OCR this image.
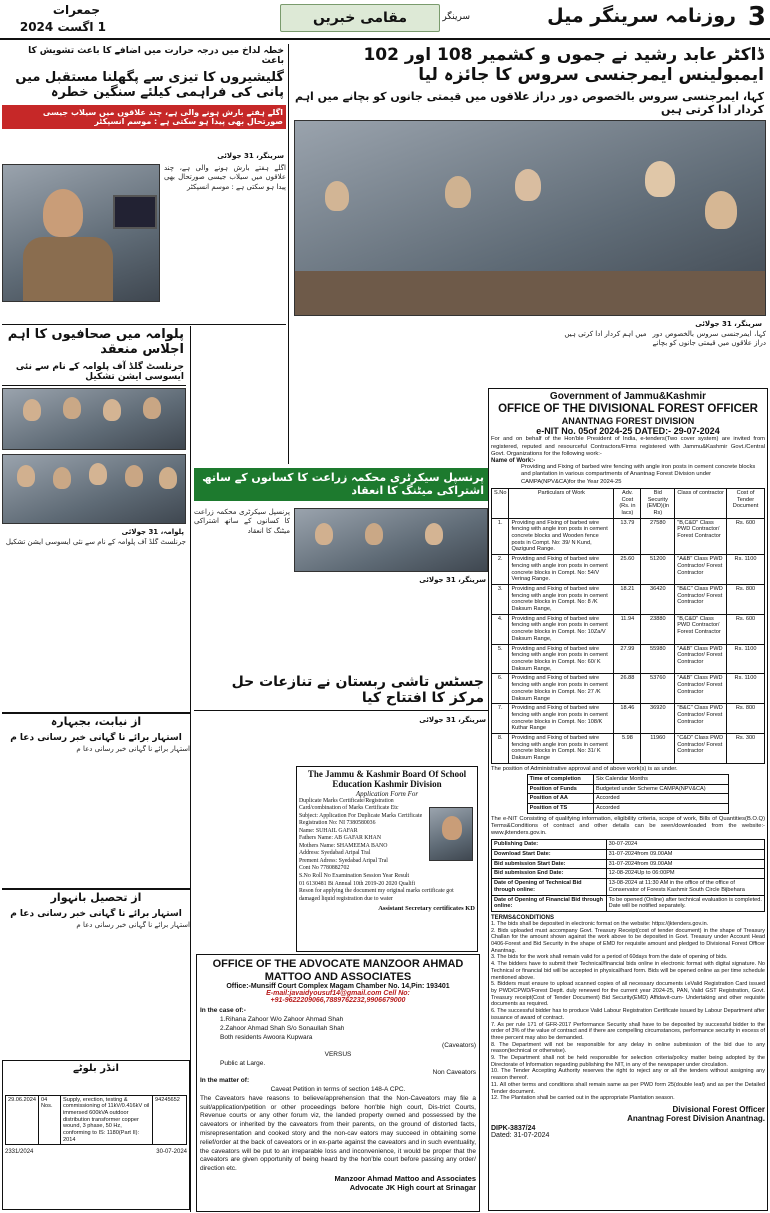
3
روزنامہ سرینگر میل
سرینگر
مقامی خبریں
جمعرات
1 اگست 2024
ڈاکٹر عابد رشید نے جموں و کشمیر 108 اور 102 ایمبولینس ایمرجنسی سروس کا جائزہ لیا
کہا، ایمرجنسی سروس بالخصوص دور دراز علاقوں میں قیمتی جانوں کو بچانے میں اہم کردار ادا کرتی ہیں
سرینگر، 31 جولائی
کہا، ایمرجنسی سروس بالخصوص دور دراز علاقوں میں قیمتی جانوں کو بچانے میں اہم کردار ادا کرتی ہیں
خطہ لداخ میں درجہ حرارت میں اضافے کا باعث تشویش کا باعث
گلیشیروں کا تیزی سے پگھلنا مستقبل میں پانی کی فراہمی کیلئے سنگین خطرہ
اگلے ہفتے بارش ہونے والی ہے، چند علاقوں میں سیلاب جیسی صورتحال بھی پیدا ہو سکتی ہے : موسم انسپکٹر
سرینگر، 31 جولائی
اگلے ہفتے بارش ہونے والی ہے، چند علاقوں میں سیلاب جیسی صورتحال بھی پیدا ہو سکتی ہے : موسم انسپکٹر
پلوامہ میں صحافیوں کا اہم اجلاس منعقد
جرنلسٹ گلڈ آف پلوامہ کے نام سے نئی ایسوسی ایشن تشکیل
پلوامہ، 31 جولائی
جرنلسٹ گلڈ آف پلوامہ کے نام سے نئی ایسوسی ایشن تشکیل
پرنسپل سیکرٹری محکمہ زراعت کا کسانوں کے ساتھ اشتراکی میٹنگ کا انعقاد
سرینگر، 31 جولائی
پرنسپل سیکرٹری محکمہ زراعت کا کسانوں کے ساتھ اشتراکی میٹنگ کا انعقاد
جسٹس تاشی ربستان نے تنازعات حل مرکز کا افتتاح کیا
سرینگر، 31 جولائی
The Jammu & Kashmir Board Of School Education Kashmir Division
Application Form For
Duplicate Marks Certificate/Registration Card/combination of Marks Certificate Etc
Subject: Application For Duplicate Marks Certificate
Registration No: NI 7380580036
Name: SUHAIL GAFAR
Fathers Name: AB GAFAR KHAN
Mothers Name: SHAMEEMA BANO
Address: Syedabad Aripal Tral
Prement Adress: Syedabad Aripal Tral
Cont No 7780882702
S.No Roll No Examination Session Year Result
01 6130481 Bi Annual 10th 2019-20 2020 Qualifi
Reson for applying the document my original marks certificate got damaged liquid registration due to water
Assistant Secretary certificates KD
OFFICE OF THE ADVOCATE MANZOOR AHMAD MATTOO AND ASSOCIATES
Office:-Munsiff Court Complex Magam Chamber No. 14,Pin: 193401
E-mail:javaidyousuf14@gmail.com Cell No:
+91-9622209066,7889762232,9906679000
In the case of:-
1.Rihana Zahoor W/o Zahoor Ahmad Shah
2.Zahoor Ahmad Shah S/o Sonaullah Shah
Both residents Awoora Kupwara
(Caveators)
VERSUS
Public at Large.
Non Caveators
In the matter of:
Caveat Petition in terms of section 148-A CPC.
The Caveators have reasons to believe/apprehension that the Non-Caveators may file a suit/application/petition or other proceedings before hon'ble high court, Dis-trict Courts, Revenue courts or any other forum viz, the landed property owned and possessed by the caveators or inherited by the caveators from their parents, on the ground of distorted facts, misrepresentation and cooked story and the non-cav eators may succeed in obtaining some relief/order at the back of caveators or in ex-parte against the caveators and in such eventuality, the caveators will be put to an irreparable loss and inconvenience, it would be proper that the caveators are given opportunity of being heard by the hon'ble court before passing any order/ direction etc.
Manzoor Ahmad Mattoo and Associates
Advocate JK High court at Srinagar
از نیابت، بجبہارہ
استہار برائے نا گہانی خبر رسانی دعا م
استہار برائے نا گہانی خبر رسانی دعا م
از تحصیل بانہوار
استہار برائے نا گہانی خبر رسانی دعا م
استہار برائے نا گہانی خبر رسانی دعا م
انڈر بلوٹے
29.06.2024	04 Nos.	Supply, erection, testing & commissioning of 11kV/0.416kV oil immersed 600kVA outdoor distribution transformer copper wound, 3 phase, 50 Hz, conforming to IS: 1180(Part II): 2014	94245652
2331/2024	30-07-2024
Government of Jammu&Kashmir
OFFICE OF THE DIVISIONAL FOREST OFFICER
ANANTNAG FOREST DIVISION
e-NIT No. 05of 2024-25 DATED:- 29-07-2024
For and on behalf of the Hon'ble President of India, e-tenders(Two cover system) are invited from registered, reputed and resourceful Contractors/Firms registered with Jammu&Kashmir Govt./Central Govt. Organizations for the following work:-
Name of Work:-
Providing and Fixing of barbed wire fencing with angle iron posts in cement concrete blocks and plantation in various compartments of Anantnag Forest Division under CAMPA(NPV&CA)for the Year 2024-25
S.No	Particulars of Work	Adv. Cost (Rs. in lacs)	Bid Security (EMD)(in Rs)	Class of contractor	Cost of Tender Document
1.	Providing and Fixing of barbed wire fencing with angle iron posts in cement concrete blocks and Wooden fence posts in Compt. No: 39/ N Kund, Qazigund Range.	13.79	27580	"B,C&D" Class PWD Contractor/ Forest Contractor	Rs. 600
2.	Providing and Fixing of barbed wire fencing with angle iron posts in cement concrete blocks in Compt. No: 54/V Verinag Range.	25.60	51200	"A&B" Class PWD Contractor/ Forest Contractor	Rs. 1100
3.	Providing and Fixing of barbed wire fencing with angle iron posts in cement concrete blocks in Compt. No: 8 /K Daksum Range,	18.21	36420	"B&C" Class PWD Contractor/ Forest Contractor	Rs. 800
4.	Providing and Fixing of barbed wire fencing with angle iron posts in cement concrete blocks in Compt. No: 10Za/V Daksum Range,	11.94	23880	"B,C&D" Class PWD Contractor/ Forest Contractor	Rs. 600
5.	Providing and Fixing of barbed wire fencing with angle iron posts in cement concrete blocks in Compt. No: 60/ K Daksum Range,	27.99	55980	"A&B" Class PWD Contractor/ Forest Contractor	Rs. 1100
6.	Providing and Fixing of barbed wire fencing with angle iron posts in cement concrete blocks in Compt. No: 27 /K Daksum Range	26.88	53760	"A&B" Class PWD Contractor/ Forest Contractor	Rs. 1100
7.	Providing and Fixing of barbed wire fencing with angle iron posts in cement concrete blocks in Compt. No: 108/K Kuthar Range	18.46	36920	"B&C" Class PWD Contractor/ Forest Contractor	Rs. 800
8.	Providing and Fixing of barbed wire fencing with angle iron posts in cement concrete blocks in Compt. No: 31/ K Daksum Range	5.98	11960	"C&D" Class PWD Contractor/ Forest Contractor	Rs. 300
The position of Administrative approval and of above work(s) is as under.
Time of completion	Six Calendar Months
Position of Funds	Budgeted under Scheme CAMPA(NPV&CA)
Position of AA	Accorded
Position of TS	Accorded
The e-NIT Consisting of qualifying information, eligibility criteria, scope of work, Bills of Quantities(B.O.Q) Terms&Conditions of contract and other details can be seen/downloaded from the website:-www.jktenders.gov.in.
Publishing Date:	30-07-2024
Download Start Date:	31-07-2024from 09.00AM
Bid submission Start Date:	31-07-2024from 09.00AM
Bid submission End Date:	12-08-2024Up to 06:00PM
Date of Opening of Technical Bid through online:	13-08-2024 at 11:30 AM in the office of the office of Conservator of Forests Kashmir South Circle Bijbehara
Date of Opening of Financial Bid through online:	To be opened (Online) after technical evaluation is completed. Date will be notified separately.
TERMS&CONDITIONS
1. The bids shall be deposited in electronic format on the website: https://jktenders.gov.in.
2. Bids uploaded must accompany Govt. Treasury Receipt(cost of tender document) in the shape of Treasury Challan for the amount shown against the work above to be deposited in Govt. Treasury under Account Head 0406-Forest and Bid Security in the shape of EMD for requisite amount and pledged to Divisional Forest Officer Anantnag.
3. The bids for the work shall remain valid for a period of 60days from the date of opening of bids.
4. The bidders have to submit their Technical/financial bids online in electronic format with digital signature. No Technical or financial bid will be accepted in physical/hard form. Bids will be opened online as per time schedule mentioned above.
5. Bidders must ensure to upload scanned copies of all necessary documents i.eValid Registration Card issued by PWD/CPWD/Forest Deptt. duly renewed for the current year 2024-25, PAN, Valid GST Registration, Govt. Treasury receipt(Cost of Tender Document) Bid Security(EMD) Affidavit-cum- Undertaking and other requisite documents as required.
6. The successful bidder has to produce Valid Labour Registration Certificate issued by Labour Department after issuance of award of contract.
7. As per rule 171 of GFR-2017 Performance Security shall have to be deposited by successful bidder to the order of 3% of the value of contract and if there are compelling circumstances, performance security in excess of three percent may also be demanded.
8. The Department will not be responsible for any delay in online submission of the bid due to any reason(technical or otherwise).
9. The Department shall not be held responsible for selection criteria/policy matter being adopted by the Directorate of Information regarding publishing the NIT, in any of the newspaper under circulation.
10. The Tender Accepting Authority reserves the right to reject any or all the tenders without assigning any reason thereof.
11. All other terms and conditions shall remain same as per PWD form 25(double leaf) and as per the Detailed Tender document.
12. The Plantation shall be carried out in the appropriate Plantation season.
Divisional Forest Officer
Anantnag Forest Division Anantnag.
DIPK-3837/24
Dated: 31-07-2024
